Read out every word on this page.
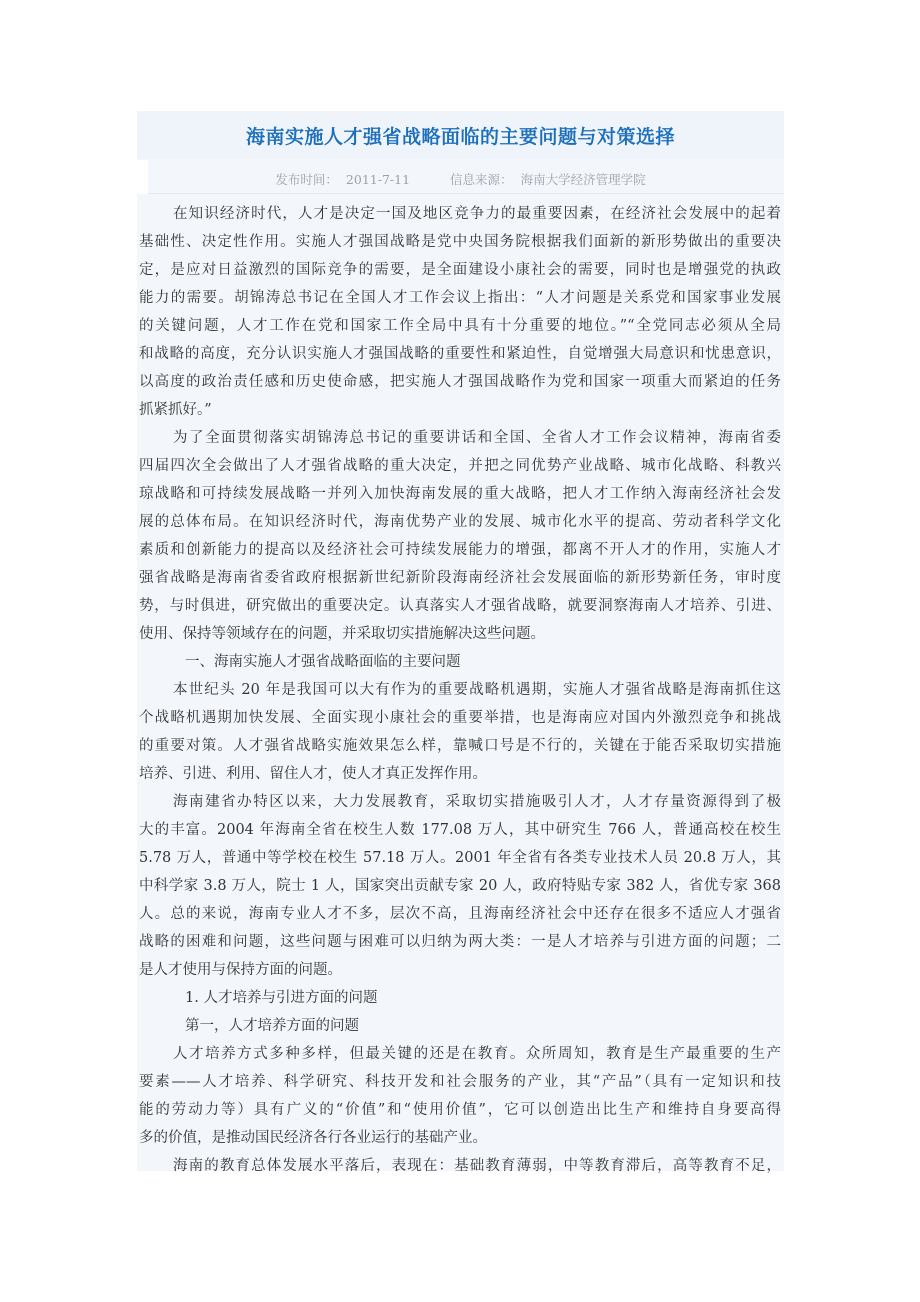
海南实施人才强省战略面临的主要问题与对策选择
发布时间： 2011-7-11	信息来源： 海南大学经济管理学院
在知识经济时代，人才是决定一国及地区竞争力的最重要因素，在经济社会发展中的起着
基础性、决定性作用。实施人才强国战略是党中央国务院根据我们面新的新形势做出的重要决
定，是应对日益激烈的国际竞争的需要，是全面建设小康社会的需要，同时也是增强党的执政
能力的需要。胡锦涛总书记在全国人才工作会议上指出：“人才问题是关系党和国家事业发展
的关键问题，人才工作在党和国家工作全局中具有十分重要的地位。”“全党同志必须从全局
和战略的高度，充分认识实施人才强国战略的重要性和紧迫性，自觉增强大局意识和忧患意识，
以高度的政治责任感和历史使命感，把实施人才强国战略作为党和国家一项重大而紧迫的任务
抓紧抓好。”
为了全面贯彻落实胡锦涛总书记的重要讲话和全国、全省人才工作会议精神，海南省委
四届四次全会做出了人才强省战略的重大决定，并把之同优势产业战略、城市化战略、科教兴
琼战略和可持续发展战略一并列入加快海南发展的重大战略，把人才工作纳入海南经济社会发
展的总体布局。在知识经济时代，海南优势产业的发展、城市化水平的提高、劳动者科学文化
素质和创新能力的提高以及经济社会可持续发展能力的增强，都离不开人才的作用，实施人才
强省战略是海南省委省政府根据新世纪新阶段海南经济社会发展面临的新形势新任务，审时度
势，与时俱进，研究做出的重要决定。认真落实人才强省战略，就要洞察海南人才培养、引进、
使用、保持等领域存在的问题，并采取切实措施解决这些问题。
一、海南实施人才强省战略面临的主要问题
本世纪头 20 年是我国可以大有作为的重要战略机遇期，实施人才强省战略是海南抓住这
个战略机遇期加快发展、全面实现小康社会的重要举措，也是海南应对国内外激烈竞争和挑战
的重要对策。人才强省战略实施效果怎么样，靠喊口号是不行的，关键在于能否采取切实措施
培养、引进、利用、留住人才，使人才真正发挥作用。
海南建省办特区以来，大力发展教育，采取切实措施吸引人才，人才存量资源得到了极
大的丰富。2004 年海南全省在校生人数 177.08 万人，其中研究生 766 人，普通高校在校生
5.78 万人，普通中等学校在校生 57.18 万人。2001 年全省有各类专业技术人员 20.8 万人，其
中科学家 3.8 万人，院士 1 人，国家突出贡献专家 20 人，政府特贴专家 382 人，省优专家 368
人。总的来说，海南专业人才不多，层次不高，且海南经济社会中还存在很多不适应人才强省
战略的困难和问题，这些问题与困难可以归纳为两大类：一是人才培养与引进方面的问题；二
是人才使用与保持方面的问题。
1. 人才培养与引进方面的问题
第一，人才培养方面的问题
人才培养方式多种多样，但最关键的还是在教育。众所周知，教育是生产最重要的生产
要素——人才培养、科学研究、科技开发和社会服务的产业，其“产品”（具有一定知识和技
能的劳动力等）具有广义的“价值”和“使用价值”，它可以创造出比生产和维持自身要高得
多的价值，是推动国民经济各行各业运行的基础产业。
海南的教育总体发展水平落后，表现在：基础教育薄弱，中等教育滞后，高等教育不足，
